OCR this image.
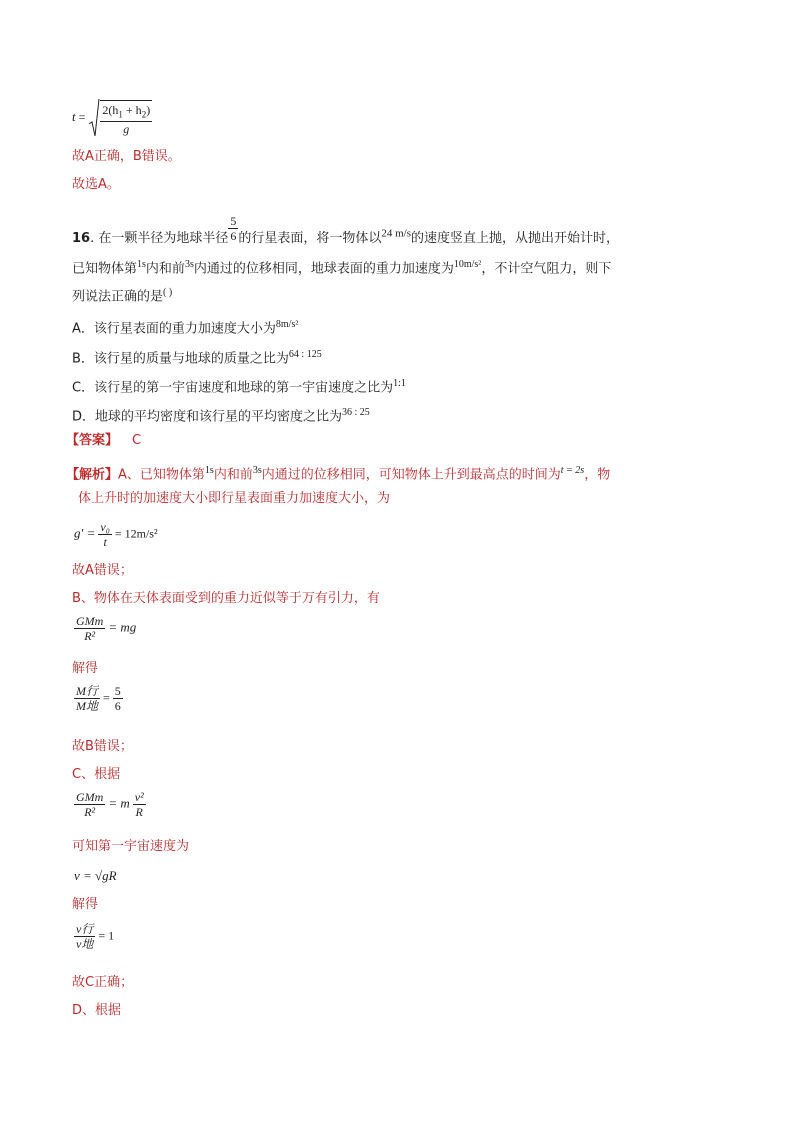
$t = \frac{2(h_1 + h_2)}{g}$
故A正确，B错误。
故选A。
16. 在一颗半径为地球半径 $\frac{5}{6}$ 的行星表面，将一物体以$^{24 m/s}$的速度竖直上抛，从抛出开始计时，
已知物体第$^{1s}$内和前$^{3s}$内通过的位移相同，地球表面的重力加速度为$^{10m/s^2}$，不计空气阻力，则下
列说法正确的是( )
A．该行星表面的重力加速度大小为$^{8m/s^2}$
B．该行星的质量与地球的质量之比为$^{64 : 125}$
C．该行星的第一宇宙速度和地球的第一宇宙速度之比为$^{1:1}$
D．地球的平均密度和该行星的平均密度之比为$^{36 : 25}$
【答案】 C
【解析】A、已知物体第$^{1s}$内和前$^{3s}$内通过的位移相同，可知物体上升到最高点的时间为$^{t = 2s}$，物
体上升时的加速度大小即行星表面重力加速度大小，为
$g' = \frac{\text{v₀}}{t} = 12m/s^2$
故A错误；
B、物体在天体表面受到的重力近似等于万有引力，有
$\frac{\text{GMm}}{\text{R²}}$ = mg
解得
$\frac{\text{M行}}{\text{M地}} = \frac{5}{6}$
故B错误；
C、根据
$\frac{\text{GMm}}{\text{R²}} = m \frac{\text{v²}}{R}$
可知第一宇宙速度为
v = √gR
解得
$\frac{\text{v行}}{\text{v地}} = 1$
故C正确；
D、根据
